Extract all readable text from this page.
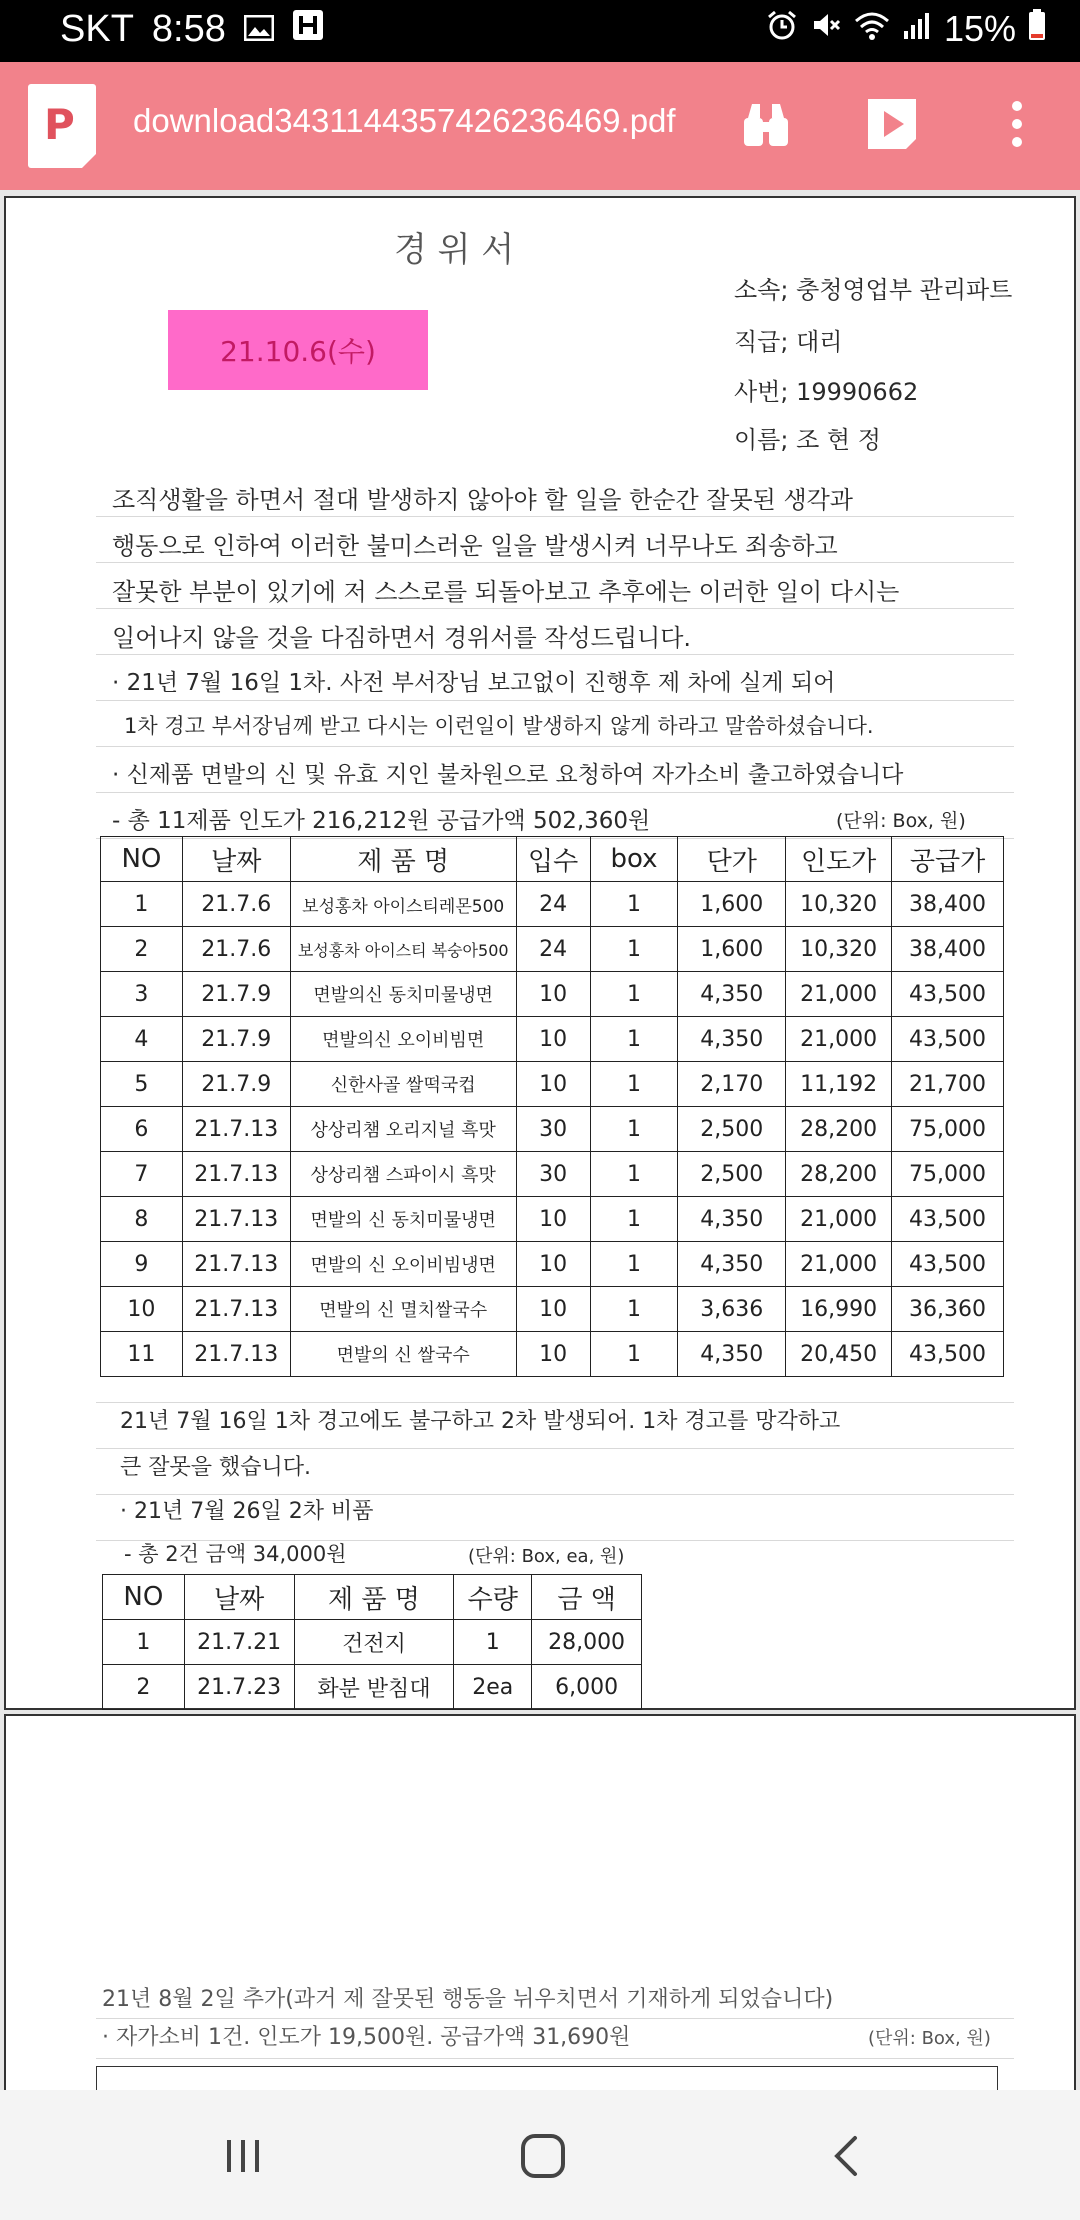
SKT 8:58	15%
P download3431144357426236469.pdf
경 위 서
21.10.6(수)
소속; 충청영업부 관리파트
직급; 대리
사번; 19990662
이름; 조 현 정
조직생활을 하면서 절대 발생하지 않아야 할 일을 한순간 잘못된 생각과
행동으로 인하여 이러한 불미스러운 일을 발생시켜 너무나도 죄송하고
잘못한 부분이 있기에 저 스스로를 되돌아보고 추후에는 이러한 일이 다시는
일어나지 않을 것을 다짐하면서 경위서를 작성드립니다.
· 21년 7월 16일 1차. 사전 부서장님 보고없이 진행후 제 차에 실게 되어
1차 경고 부서장님께 받고 다시는 이런일이 발생하지 않게 하라고 말씀하셨습니다.
· 신제품 면발의 신 및 유효 지인 불차원으로 요청하여 자가소비 출고하였습니다
- 총 11제품 인도가 216,212원 공급가액 502,360원	(단위: Box, 원)
NO	날짜	제 품 명	입수	box	단가	인도가	공급가
1	21.7.6	보성홍차 아이스티레몬500	24	1	1,600	10,320	38,400
2	21.7.6	보성홍차 아이스티 복숭아500	24	1	1,600	10,320	38,400
3	21.7.9	면발의신 동치미물냉면	10	1	4,350	21,000	43,500
4	21.7.9	면발의신 오이비빔면	10	1	4,350	21,000	43,500
5	21.7.9	신한사골 쌀떡국컵	10	1	2,170	11,192	21,700
6	21.7.13	상상리챔 오리지널 흑맛	30	1	2,500	28,200	75,000
7	21.7.13	상상리챔 스파이시 흑맛	30	1	2,500	28,200	75,000
8	21.7.13	면발의 신 동치미물냉면	10	1	4,350	21,000	43,500
9	21.7.13	면발의 신 오이비빔냉면	10	1	4,350	21,000	43,500
10	21.7.13	면발의 신 멸치쌀국수	10	1	3,636	16,990	36,360
11	21.7.13	면발의 신 쌀국수	10	1	4,350	20,450	43,500
21년 7월 16일 1차 경고에도 불구하고 2차 발생되어. 1차 경고를 망각하고
큰 잘못을 했습니다.
· 21년 7월 26일 2차 비품
- 총 2건 금액 34,000원	(단위: Box, ea, 원)
NO	날짜	제 품 명	수량	금 액
1	21.7.21	건전지	1	28,000
2	21.7.23	화분 받침대	2ea	6,000
21년 8월 2일 추가(과거 제 잘못된 행동을 뉘우치면서 기재하게 되었습니다)
· 자가소비 1건. 인도가 19,500원. 공급가액 31,690원	(단위: Box, 원)
